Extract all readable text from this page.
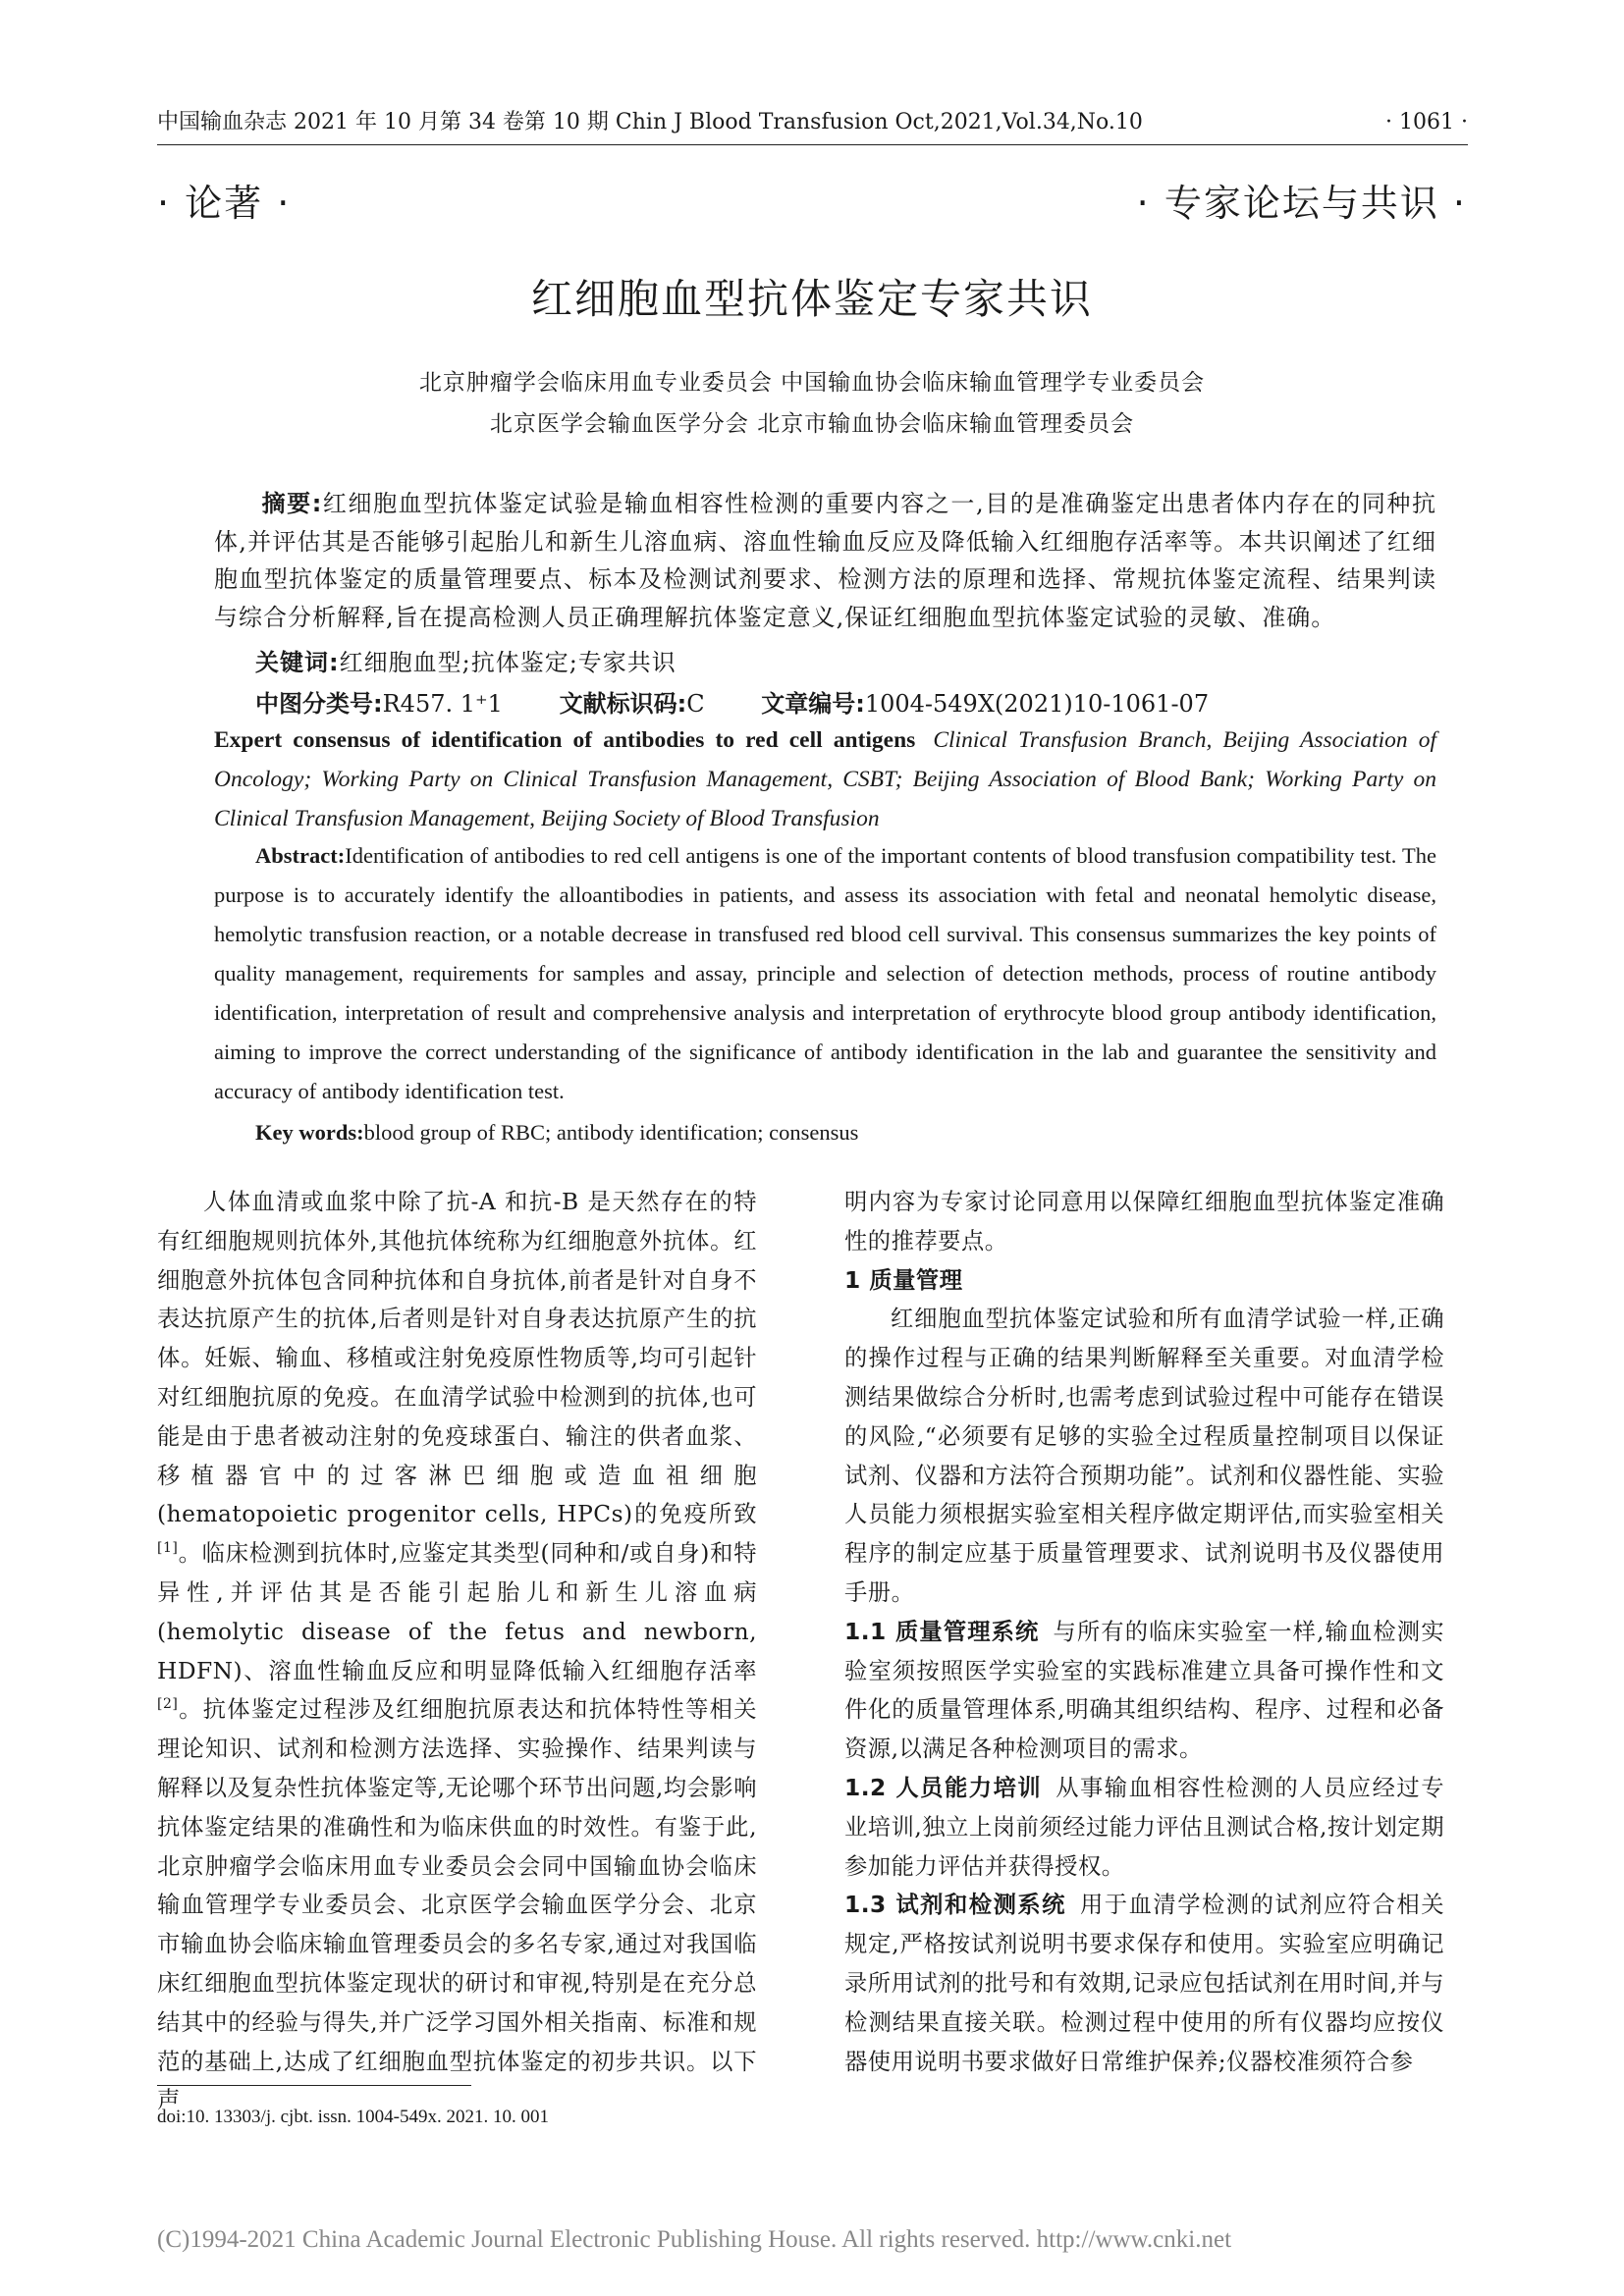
中国输血杂志 2021 年 10 月第 34 卷第 10 期 Chin J Blood Transfusion Oct,2021,Vol.34,No.10	· 1061 ·
· 论著 ·	· 专家论坛与共识 ·
红细胞血型抗体鉴定专家共识
北京肿瘤学会临床用血专业委员会 中国输血协会临床输血管理学专业委员会
北京医学会输血医学分会 北京市输血协会临床输血管理委员会
摘要:红细胞血型抗体鉴定试验是输血相容性检测的重要内容之一,目的是准确鉴定出患者体内存在的同种抗体,并评估其是否能够引起胎儿和新生儿溶血病、溶血性输血反应及降低输入红细胞存活率等。本共识阐述了红细胞血型抗体鉴定的质量管理要点、标本及检测试剂要求、检测方法的原理和选择、常规抗体鉴定流程、结果判读与综合分析解释,旨在提高检测人员正确理解抗体鉴定意义,保证红细胞血型抗体鉴定试验的灵敏、准确。
关键词:红细胞血型;抗体鉴定;专家共识
中图分类号:R457. 1⁺1 文献标识码:C 文章编号:1004-549X(2021)10-1061-07
Expert consensus of identification of antibodies to red cell antigens Clinical Transfusion Branch, Beijing Association of Oncology; Working Party on Clinical Transfusion Management, CSBT; Beijing Association of Blood Bank; Working Party on Clinical Transfusion Management, Beijing Society of Blood Transfusion
Abstract:Identification of antibodies to red cell antigens is one of the important contents of blood transfusion compatibility test. The purpose is to accurately identify the alloantibodies in patients, and assess its association with fetal and neonatal hemolytic disease, hemolytic transfusion reaction, or a notable decrease in transfused red blood cell survival. This consensus summarizes the key points of quality management, requirements for samples and assay, principle and selection of detection methods, process of routine antibody identification, interpretation of result and comprehensive analysis and interpretation of erythrocyte blood group antibody identification, aiming to improve the correct understanding of the significance of antibody identification in the lab and guarantee the sensitivity and accuracy of antibody identification test.
Key words:blood group of RBC; antibody identification; consensus

人体血清或血浆中除了抗-A 和抗-B 是天然存在的特有红细胞规则抗体外,其他抗体统称为红细胞意外抗体。红细胞意外抗体包含同种抗体和自身抗体,前者是针对自身不表达抗原产生的抗体,后者则是针对自身表达抗原产生的抗体。妊娠、输血、移植或注射免疫原性物质等,均可引起针对红细胞抗原的免疫。在血清学试验中检测到的抗体,也可能是由于患者被动注射的免疫球蛋白、输注的供者血浆、移植器官中的过客淋巴细胞或造血祖细胞(hematopoietic progenitor cells, HPCs)的免疫所致[1]。临床检测到抗体时,应鉴定其类型(同种和/或自身)和特异性,并评估其是否能引起胎儿和新生儿溶血病(hemolytic disease of the fetus and newborn, HDFN)、溶血性输血反应和明显降低输入红细胞存活率[2]。抗体鉴定过程涉及红细胞抗原表达和抗体特性等相关理论知识、试剂和检测方法选择、实验操作、结果判读与解释以及复杂性抗体鉴定等,无论哪个环节出问题,均会影响抗体鉴定结果的准确性和为临床供血的时效性。有鉴于此,北京肿瘤学会临床用血专业委员会会同中国输血协会临床输血管理学专业委员会、北京医学会输血医学分会、北京市输血协会临床输血管理委员会的多名专家,通过对我国临床红细胞血型抗体鉴定现状的研讨和审视,特别是在充分总结其中的经验与得失,并广泛学习国外相关指南、标准和规范的基础上,达成了红细胞血型抗体鉴定的初步共识。以下声

明内容为专家讨论同意用以保障红细胞血型抗体鉴定准确性的推荐要点。

1 质量管理

红细胞血型抗体鉴定试验和所有血清学试验一样,正确的操作过程与正确的结果判断解释至关重要。对血清学检测结果做综合分析时,也需考虑到试验过程中可能存在错误的风险,“必须要有足够的实验全过程质量控制项目以保证试剂、仪器和方法符合预期功能”。试剂和仪器性能、实验人员能力须根据实验室相关程序做定期评估,而实验室相关程序的制定应基于质量管理要求、试剂说明书及仪器使用手册。

1.1 质量管理系统 与所有的临床实验室一样,输血检测实验室须按照医学实验室的实践标准建立具备可操作性和文件化的质量管理体系,明确其组织结构、程序、过程和必备资源,以满足各种检测项目的需求。

1.2 人员能力培训 从事输血相容性检测的人员应经过专业培训,独立上岗前须经过能力评估且测试合格,按计划定期参加能力评估并获得授权。

1.3 试剂和检测系统 用于血清学检测的试剂应符合相关规定,严格按试剂说明书要求保存和使用。实验室应明确记录所用试剂的批号和有效期,记录应包括试剂在用时间,并与检测结果直接关联。检测过程中使用的所有仪器均应按仪器使用说明书要求做好日常维护保养;仪器校准须符合参

doi:10. 13303/j. cjbt. issn. 1004-549x. 2021. 10. 001
(C)1994-2021 China Academic Journal Electronic Publishing House. All rights reserved. http://www.cnki.net
